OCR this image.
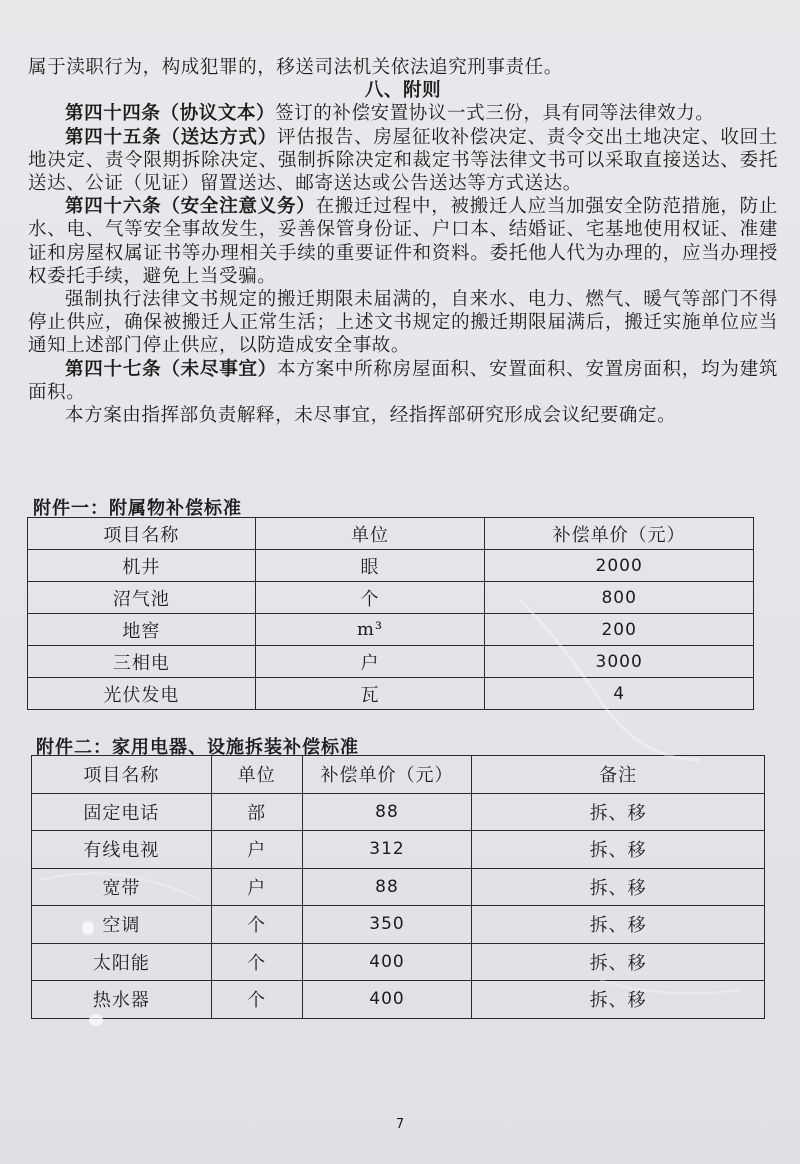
属于渎职行为，构成犯罪的，移送司法机关依法追究刑事责任。

八、附则

第四十四条（协议文本）签订的补偿安置协议一式三份，具有同等法律效力。

第四十五条（送达方式）评估报告、房屋征收补偿决定、责令交出土地决定、收回土地决定、责令限期拆除决定、强制拆除决定和裁定书等法律文书可以采取直接送达、委托送达、公证（见证）留置送达、邮寄送达或公告送达等方式送达。

第四十六条（安全注意义务）在搬迁过程中，被搬迁人应当加强安全防范措施，防止水、电、气等安全事故发生，妥善保管身份证、户口本、结婚证、宅基地使用权证、准建证和房屋权属证书等办理相关手续的重要证件和资料。委托他人代为办理的，应当办理授权委托手续，避免上当受骗。

强制执行法律文书规定的搬迁期限未届满的，自来水、电力、燃气、暖气等部门不得停止供应，确保被搬迁人正常生活；上述文书规定的搬迁期限届满后，搬迁实施单位应当通知上述部门停止供应，以防造成安全事故。

第四十七条（未尽事宜）本方案中所称房屋面积、安置面积、安置房面积，均为建筑面积。

本方案由指挥部负责解释，未尽事宜，经指挥部研究形成会议纪要确定。

附件一：附属物补偿标准
项目名称	单位	补偿单价（元）
机井	眼	2000
沼气池	个	800
地窖	m³	200
三相电	户	3000
光伏发电	瓦	4
附件二：家用电器、设施拆装补偿标准
项目名称	单位	补偿单价（元）	备注
固定电话	部	88	拆、移
有线电视	户	312	拆、移
宽带	户	88	拆、移
空调	个	350	拆、移
太阳能	个	400	拆、移
热水器	个	400	拆、移
7
